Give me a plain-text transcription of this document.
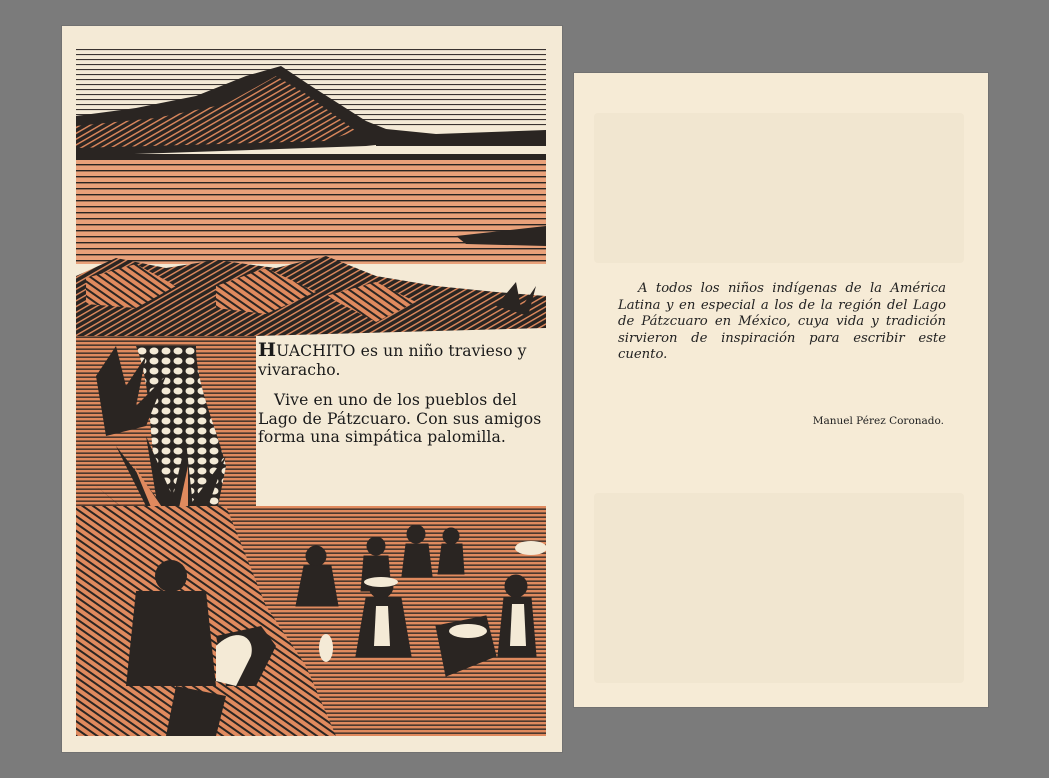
HUACHITO es un niño travieso y vivaracho.

Vive en uno de los pueblos del Lago de Pátzcuaro. Con sus amigos forma una simpática palomilla.

A todos los niños indígenas de la América Latina y en especial a los de la región del Lago de Pátzcuaro en México, cuya vida y tradición sirvieron de inspiración para escribir este cuento.

Manuel Pérez Coronado.
